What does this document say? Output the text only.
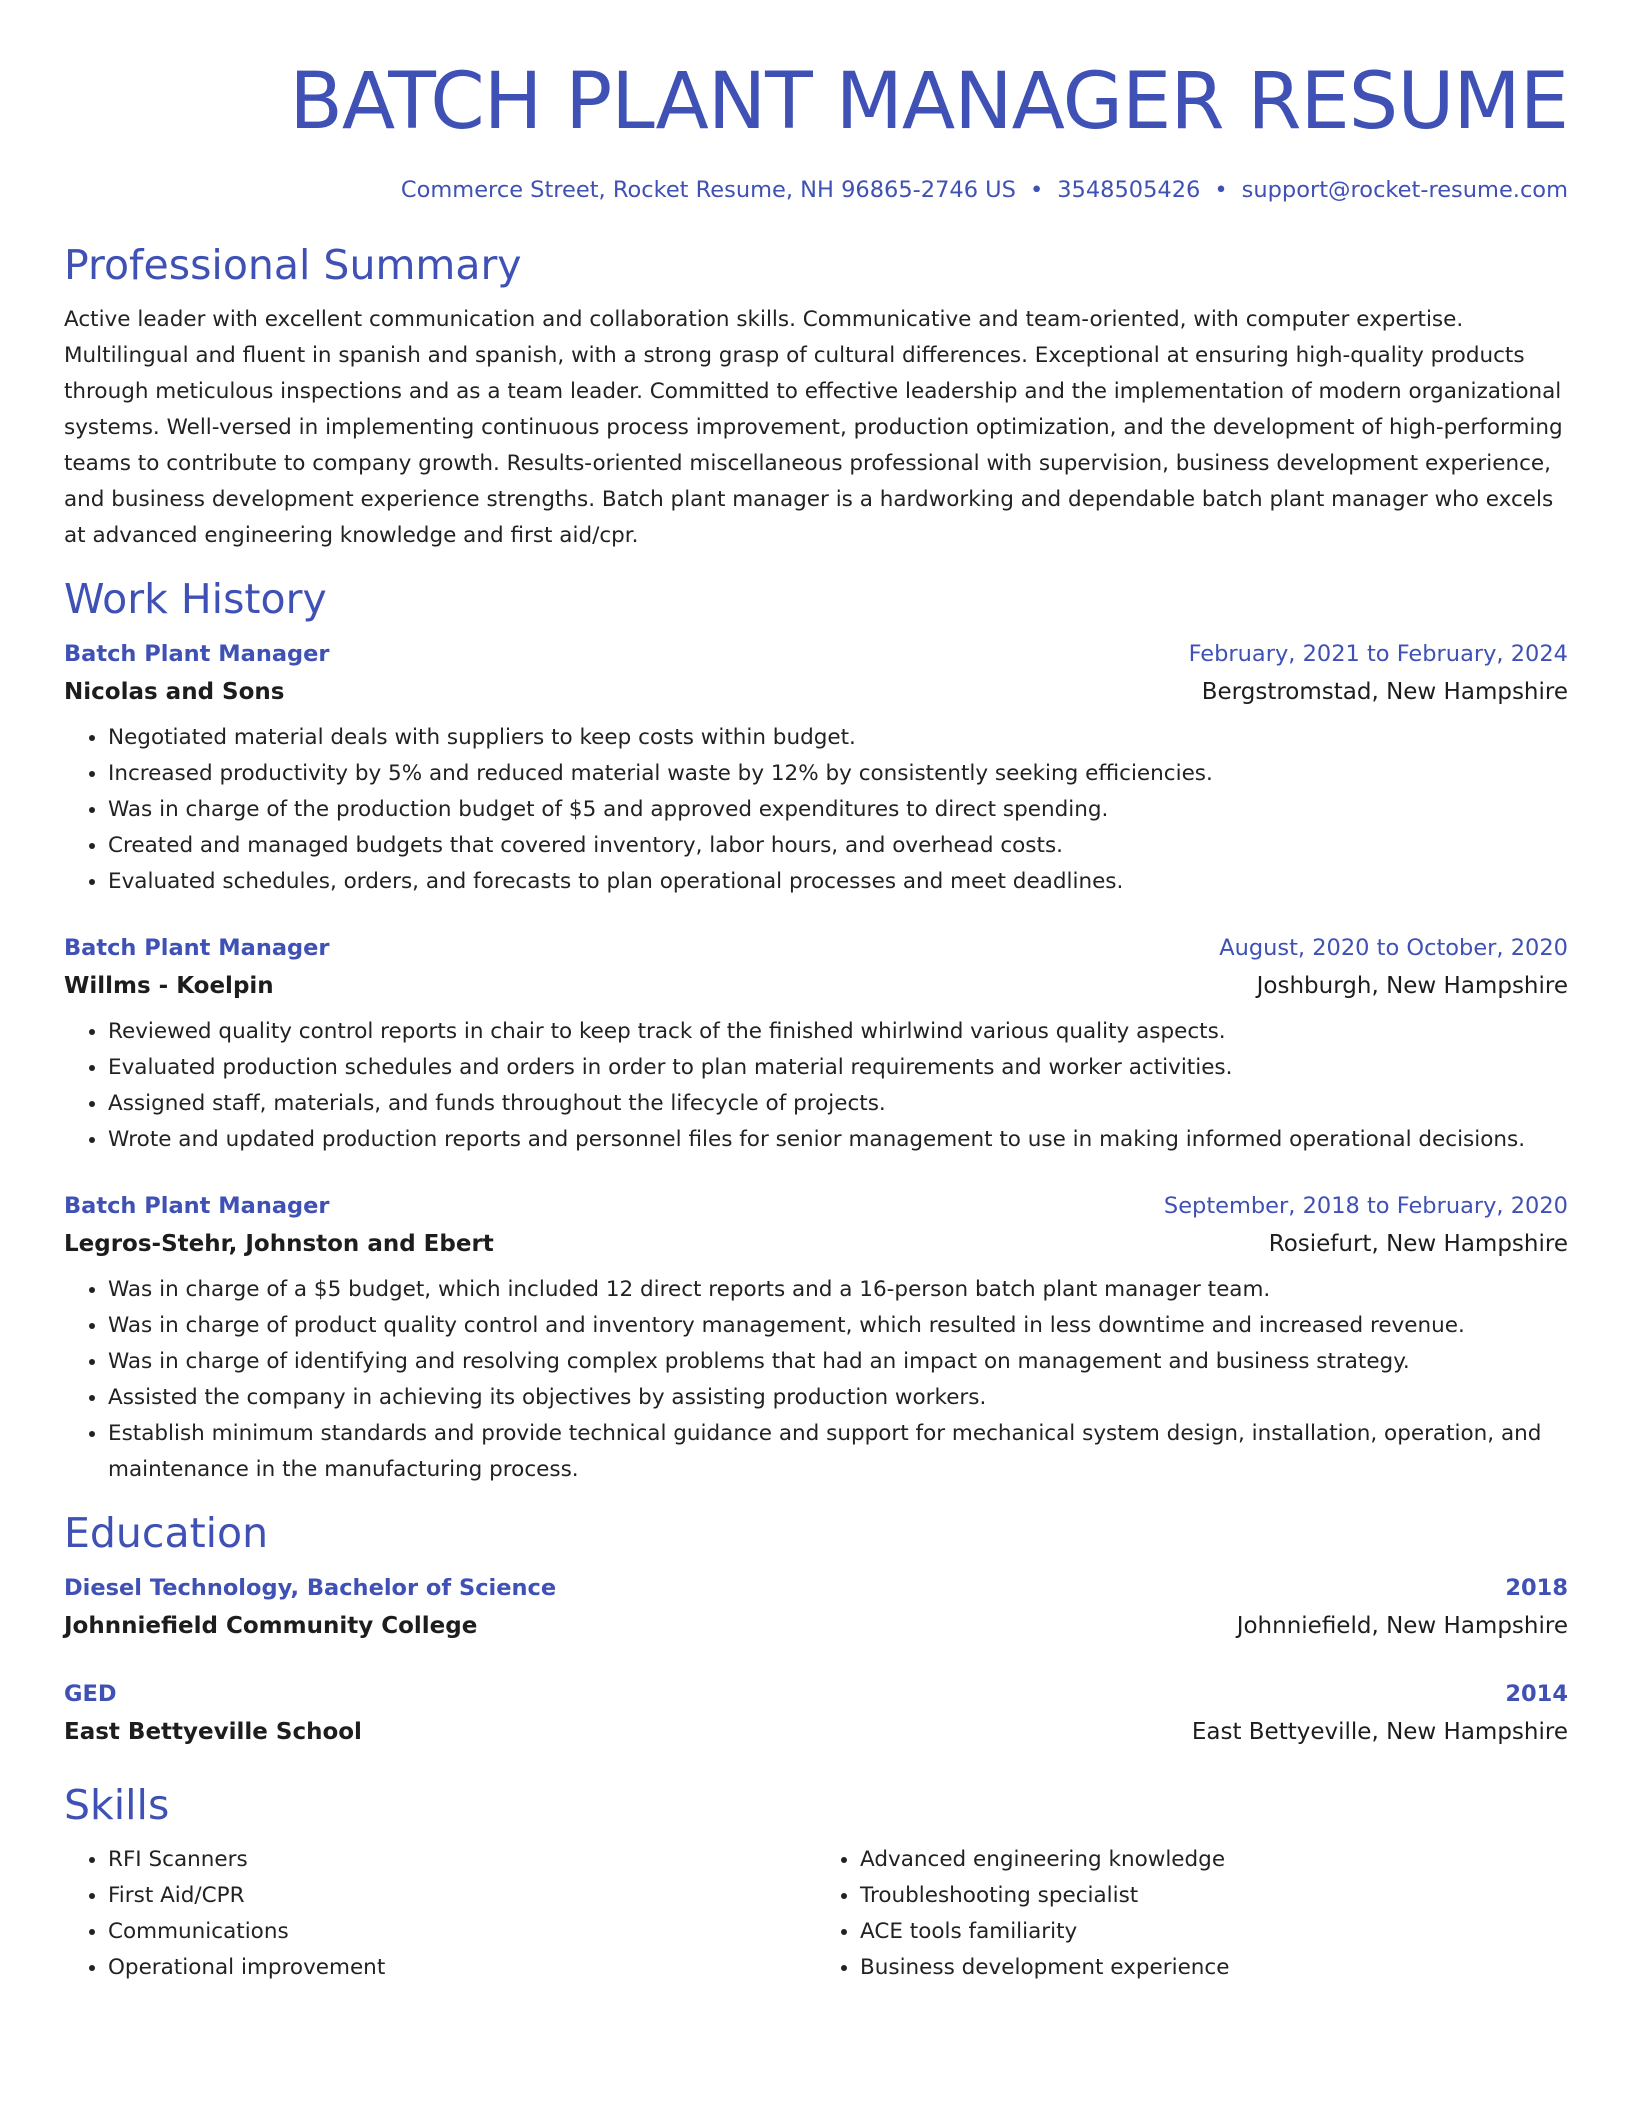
BATCH PLANT MANAGER RESUME
Commerce Street, Rocket Resume, NH 96865-2746 US • 3548505426 • support@rocket-resume.com
Professional Summary
Active leader with excellent communication and collaboration skills. Communicative and team-oriented, with computer expertise. Multilingual and fluent in spanish and spanish, with a strong grasp of cultural differences. Exceptional at ensuring high-quality products through meticulous inspections and as a team leader. Committed to effective leadership and the implementation of modern organizational systems. Well-versed in implementing continuous process improvement, production optimization, and the development of high-performing teams to contribute to company growth. Results-oriented miscellaneous professional with supervision, business development experience, and business development experience strengths. Batch plant manager is a hardworking and dependable batch plant manager who excels at advanced engineering knowledge and first aid/cpr.
Work History
Batch Plant Manager	February, 2021 to February, 2024
Nicolas and Sons	Bergstromstad, New Hampshire
• Negotiated material deals with suppliers to keep costs within budget.
• Increased productivity by 5% and reduced material waste by 12% by consistently seeking efficiencies.
• Was in charge of the production budget of $5 and approved expenditures to direct spending.
• Created and managed budgets that covered inventory, labor hours, and overhead costs.
• Evaluated schedules, orders, and forecasts to plan operational processes and meet deadlines.
Batch Plant Manager	August, 2020 to October, 2020
Willms - Koelpin	Joshburgh, New Hampshire
• Reviewed quality control reports in chair to keep track of the finished whirlwind various quality aspects.
• Evaluated production schedules and orders in order to plan material requirements and worker activities.
• Assigned staff, materials, and funds throughout the lifecycle of projects.
• Wrote and updated production reports and personnel files for senior management to use in making informed operational decisions.
Batch Plant Manager	September, 2018 to February, 2020
Legros-Stehr, Johnston and Ebert	Rosiefurt, New Hampshire
• Was in charge of a $5 budget, which included 12 direct reports and a 16-person batch plant manager team.
• Was in charge of product quality control and inventory management, which resulted in less downtime and increased revenue.
• Was in charge of identifying and resolving complex problems that had an impact on management and business strategy.
• Assisted the company in achieving its objectives by assisting production workers.
• Establish minimum standards and provide technical guidance and support for mechanical system design, installation, operation, and maintenance in the manufacturing process.
Education
Diesel Technology, Bachelor of Science	2018
Johnniefield Community College	Johnniefield, New Hampshire
GED	2014
East Bettyeville School	East Bettyeville, New Hampshire
Skills
• RFI Scanners
• First Aid/CPR
• Communications
• Operational improvement
• Advanced engineering knowledge
• Troubleshooting specialist
• ACE tools familiarity
• Business development experience
